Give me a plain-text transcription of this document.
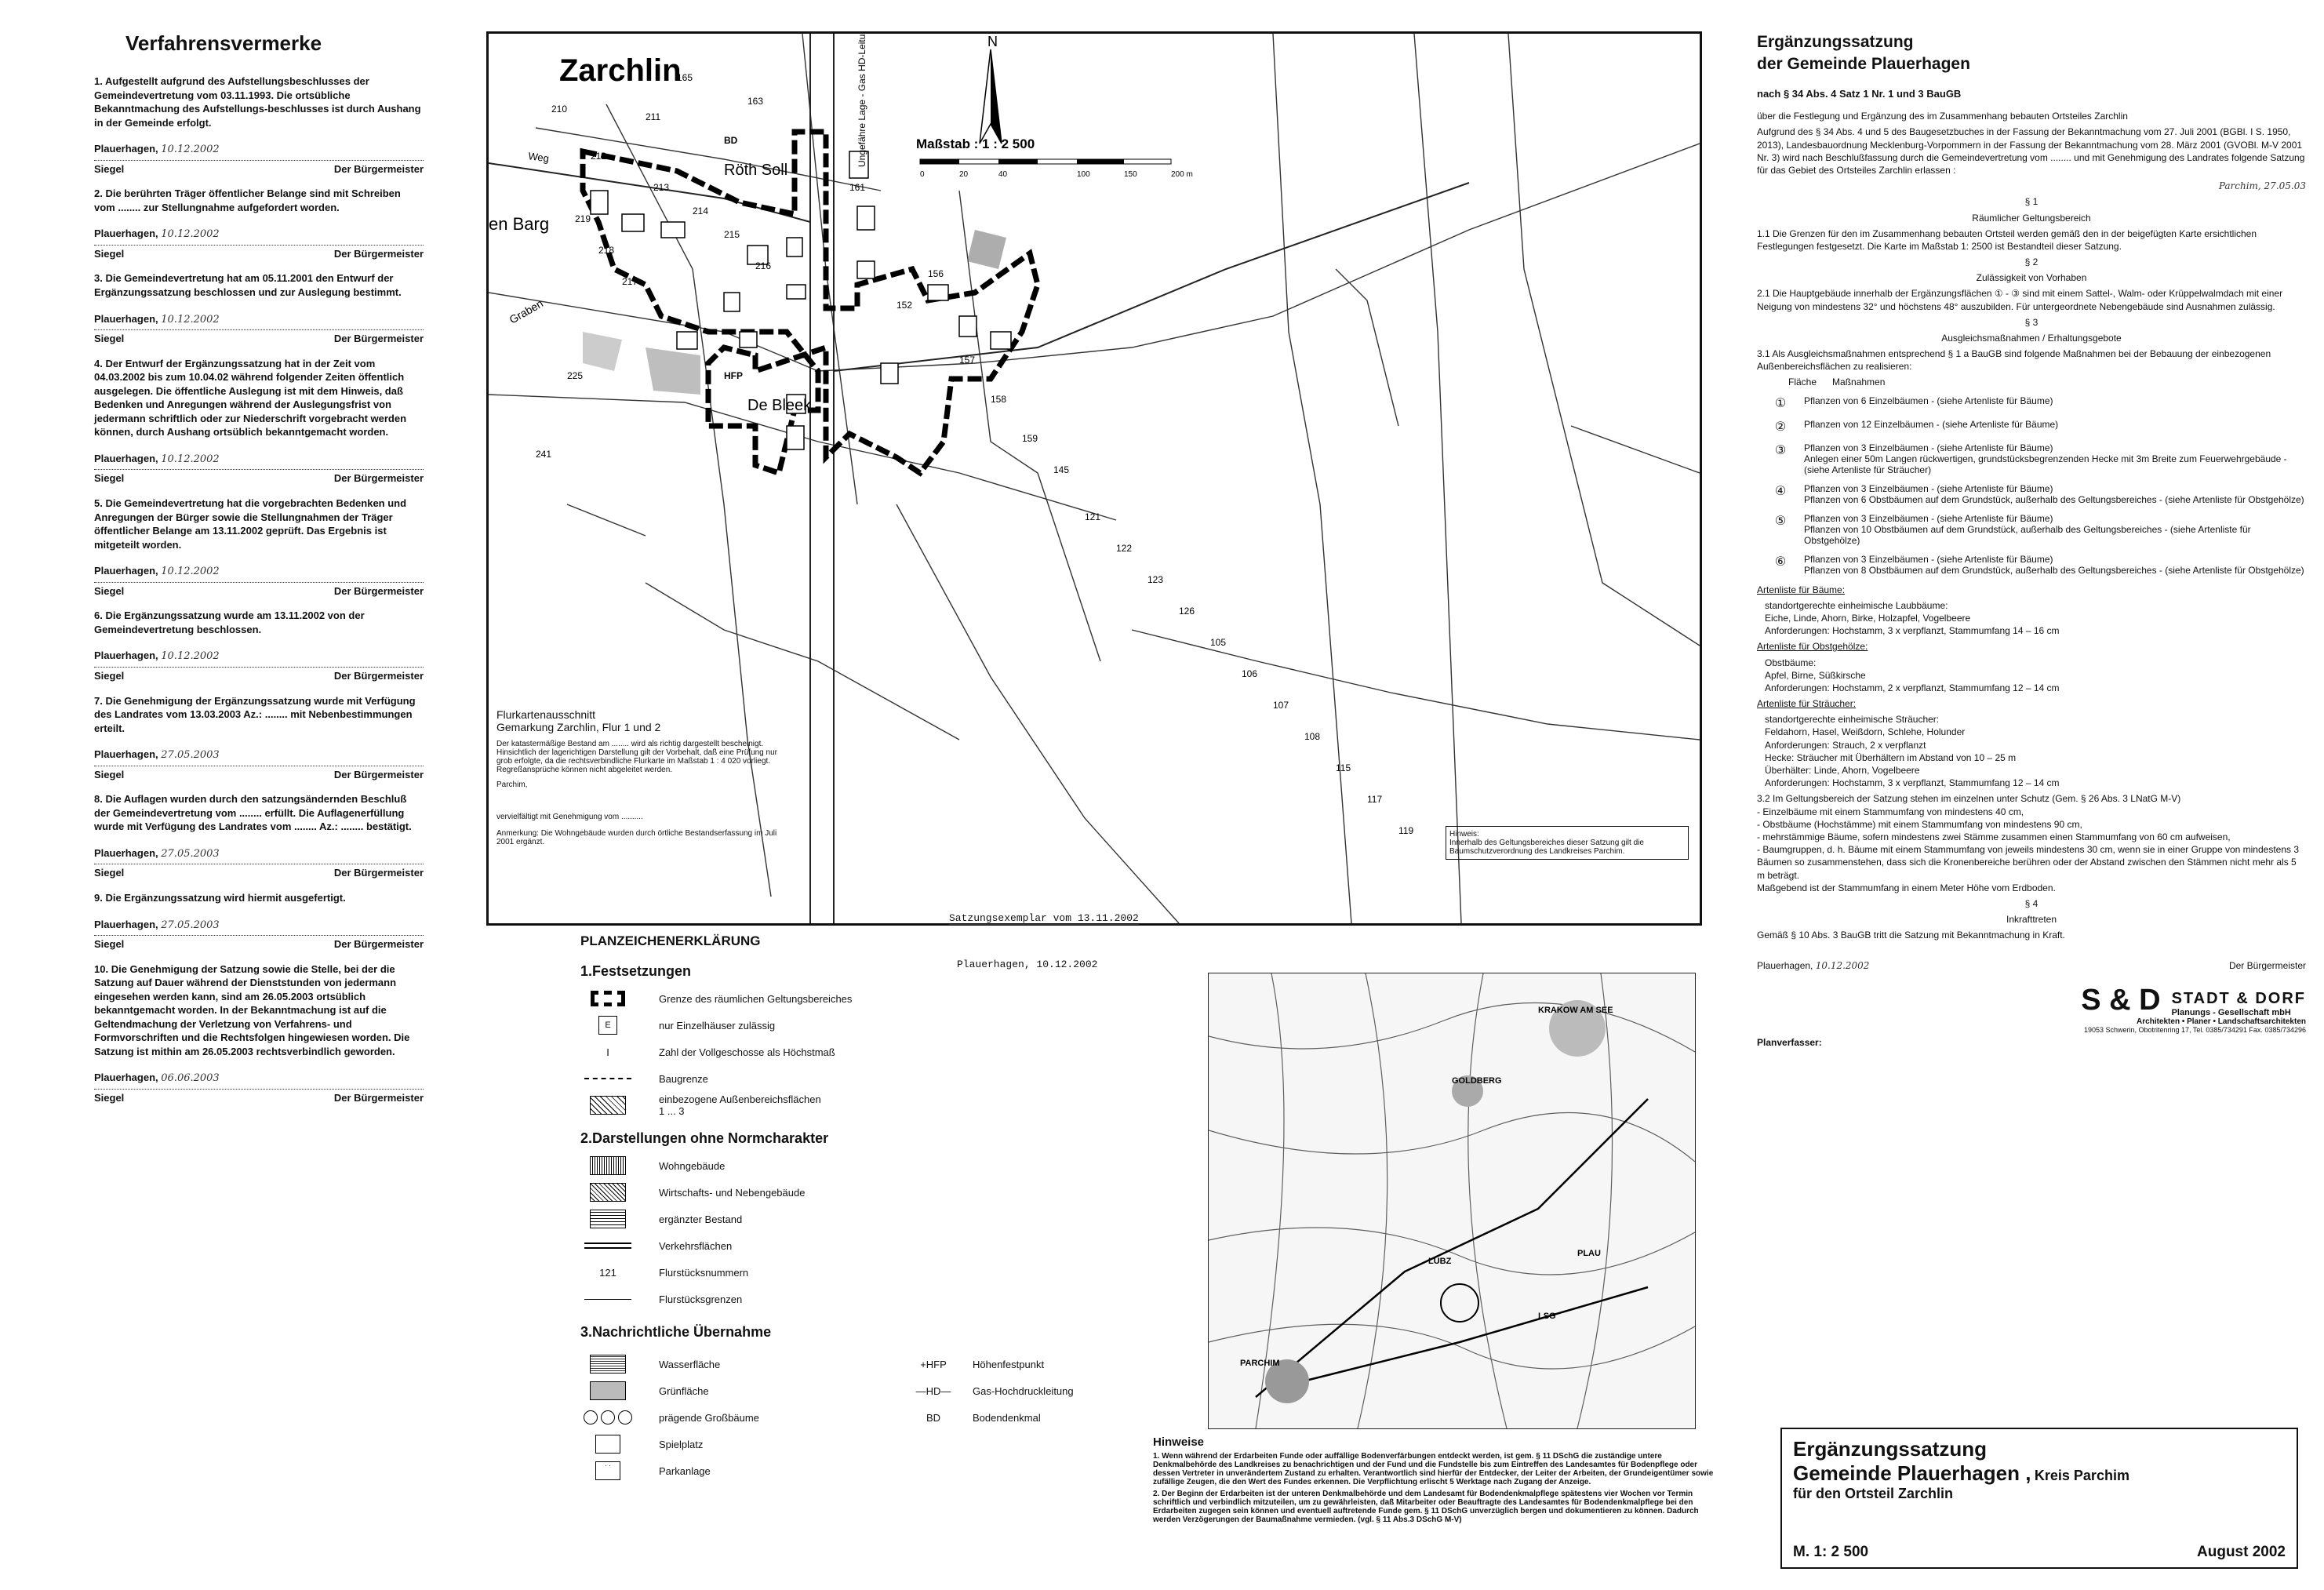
Verfahrensvermerke
1. Aufgestellt aufgrund des Aufstellungsbeschlusses der Gemeindevertretung vom 03.11.1993. Die ortsübliche Bekanntmachung des Aufstellungs-beschlusses ist durch Aushang in der Gemeinde erfolgt.
Plauerhagen, 10.12.2002
Siegel	Der Bürgermeister
2. Die berührten Träger öffentlicher Belange sind mit Schreiben vom ........ zur Stellungnahme aufgefordert worden.
Plauerhagen, 10.12.2002
Siegel	Der Bürgermeister
3. Die Gemeindevertretung hat am 05.11.2001 den Entwurf der Ergänzungssatzung beschlossen und zur Auslegung bestimmt.
Plauerhagen, 10.12.2002
Siegel	Der Bürgermeister
4. Der Entwurf der Ergänzungssatzung hat in der Zeit vom 04.03.2002 bis zum 10.04.02 während folgender Zeiten öffentlich ausgelegen. Die öffentliche Auslegung ist mit dem Hinweis, daß Bedenken und Anregungen während der Auslegungsfrist von jedermann schriftlich oder zur Niederschrift vorgebracht werden können, durch Aushang ortsüblich bekanntgemacht worden.
Plauerhagen, 10.12.2002
Siegel	Der Bürgermeister
5. Die Gemeindevertretung hat die vorgebrachten Bedenken und Anregungen der Bürger sowie die Stellungnahmen der Träger öffentlicher Belange am 13.11.2002 geprüft. Das Ergebnis ist mitgeteilt worden.
Plauerhagen, 10.12.2002
Siegel	Der Bürgermeister
6. Die Ergänzungssatzung wurde am 13.11.2002 von der Gemeindevertretung beschlossen.
Plauerhagen, 10.12.2002
Siegel	Der Bürgermeister
7. Die Genehmigung der Ergänzungssatzung wurde mit Verfügung des Landrates vom 13.03.2003 Az.: ........ mit Nebenbestimmungen erteilt.
Plauerhagen, 27.05.2003
Siegel	Der Bürgermeister
8. Die Auflagen wurden durch den satzungsändernden Beschluß der Gemeindevertretung vom ........ erfüllt. Die Auflagenerfüllung wurde mit Verfügung des Landrates vom ........ Az.: ........ bestätigt.
Plauerhagen, 27.05.2003
Siegel	Der Bürgermeister
9. Die Ergänzungssatzung wird hiermit ausgefertigt.
Plauerhagen, 27.05.2003
Siegel	Der Bürgermeister
10. Die Genehmigung der Satzung sowie die Stelle, bei der die Satzung auf Dauer während der Dienststunden von jedermann eingesehen werden kann, sind am 26.05.2003 ortsüblich bekanntgemacht worden. In der Bekanntmachung ist auf die Geltendmachung der Verletzung von Verfahrens- und Formvorschriften und die Rechtsfolgen hingewiesen worden. Die Satzung ist mithin am 26.05.2003 rechtsverbindlich geworden.
Plauerhagen, 06.06.2003
Siegel	Der Bürgermeister
Zarchlin
Röth Soll
en Barg
De Bleek
Graben
Ungefähre Lage - Gas HD-Leitung
Weg
HFP
BD
210
211
212
213
214
215
216
217
218
219
225
241
161
163
165
152
156
157
158
159
145
121
122
123
126
105
106
107
108
115
117
119
N
Maßstab : 1 : 2 500
0	20	40	100	150	200 m
Flurkartenausschnitt
Gemarkung Zarchlin, Flur 1 und 2
Der katastermäßige Bestand am ........ wird als richtig dargestellt bescheinigt. Hinsichtlich der lagerichtigen Darstellung gilt der Vorbehalt, daß eine Prüfung nur grob erfolgte, da die rechtsverbindliche Flurkarte im Maßstab 1 : 4 020 vorliegt. Regreßansprüche können nicht abgeleitet werden.
Parchim,
vervielfältigt mit Genehmigung vom ..........
Anmerkung: Die Wohngebäude wurden durch örtliche Bestandserfassung im Juli 2001 ergänzt.
Hinweis:
Innerhalb des Geltungsbereiches dieser Satzung gilt die Baumschutzverordnung des Landkreises Parchim.
Satzungsexemplar vom 13.11.2002
Plauerhagen, 10.12.2002
PLANZEICHENERKLÄRUNG
1.Festsetzungen
Grenze des räumlichen Geltungsbereiches
E	nur Einzelhäuser zulässig
I	Zahl der Vollgeschosse als Höchstmaß
Baugrenze
einbezogene Außenbereichsflächen
1 ... 3
2.Darstellungen ohne Normcharakter
Wohngebäude
Wirtschafts- und Nebengebäude
ergänzter Bestand
Verkehrsflächen
121	Flurstücksnummern
Flurstücksgrenzen
3.Nachrichtliche Übernahme
Wasserfläche
Grünfläche
prägende Großbäume
Spielplatz
· ·	Parkanlage
+HFP	Höhenfestpunkt
—HD—	Gas-Hochdruckleitung
BD	Bodendenkmal
KRAKOW AM SEE
GOLDBERG
LÜBZ
PARCHIM
PLAU
LSG
Hinweise

1. Wenn während der Erdarbeiten Funde oder auffällige Bodenverfärbungen entdeckt werden, ist gem. § 11 DSchG die zuständige untere Denkmalbehörde des Landkreises zu benachrichtigen und der Fund und die Fundstelle bis zum Eintreffen des Landesamtes für Bodenpflege oder dessen Vertreter in unverändertem Zustand zu erhalten. Verantwortlich sind hierfür der Entdecker, der Leiter der Arbeiten, der Grundeigentümer sowie zufällige Zeugen, die den Wert des Fundes erkennen. Die Verpflichtung erlischt 5 Werktage nach Zugang der Anzeige.

2. Der Beginn der Erdarbeiten ist der unteren Denkmalbehörde und dem Landesamt für Bodendenkmalpflege spätestens vier Wochen vor Termin schriftlich und verbindlich mitzuteilen, um zu gewährleisten, daß Mitarbeiter oder Beauftragte des Landesamtes für Bodendenkmalpflege bei den Erdarbeiten zugegen sein können und eventuell auftretende Funde gem. § 11 DSchG unverzüglich bergen und dokumentieren zu können. Dadurch werden Verzögerungen der Baumaßnahme vermieden. (vgl. § 11 Abs.3 DSchG M-V)

Ergänzungssatzung

der Gemeinde Plauerhagen

nach § 34 Abs. 4 Satz 1 Nr. 1 und 3 BauGB

über die Festlegung und Ergänzung des im Zusammenhang bebauten Ortsteiles Zarchlin

Aufgrund des § 34 Abs. 4 und 5 des Baugesetzbuches in der Fassung der Bekanntmachung vom 27. Juli 2001 (BGBl. I S. 1950, 2013), Landesbauordnung Mecklenburg-Vorpommern in der Fassung der Bekanntmachung vom 28. März 2001 (GVOBl. M-V 2001 Nr. 3) wird nach Beschlußfassung durch die Gemeindevertretung vom ........ und mit Genehmigung des Landrates folgende Satzung für das Gebiet des Ortsteiles Zarchlin erlassen :

Parchim, 27.05.03

§ 1

Räumlicher Geltungsbereich

1.1 Die Grenzen für den im Zusammenhang bebauten Ortsteil werden gemäß den in der beigefügten Karte ersichtlichen Festlegungen festgesetzt. Die Karte im Maßstab 1: 2500 ist Bestandteil dieser Satzung.

§ 2

Zulässigkeit von Vorhaben

2.1 Die Hauptgebäude innerhalb der Ergänzungsflächen ① - ③ sind mit einem Sattel-, Walm- oder Krüppelwalmdach mit einer Neigung von mindestens 32° und höchstens 48° auszubilden. Für untergeordnete Nebengebäude sind Ausnahmen zulässig.

§ 3

Ausgleichsmaßnahmen / Erhaltungsgebote

3.1 Als Ausgleichsmaßnahmen entsprechend § 1 a BauGB sind folgende Maßnahmen bei der Bebauung der einbezogenen Außenbereichsflächen zu realisieren:

Fläche Maßnahmen
①	Pflanzen von 6 Einzelbäumen - (siehe Artenliste für Bäume)
②	Pflanzen von 12 Einzelbäumen - (siehe Artenliste für Bäume)
③	Pflanzen von 3 Einzelbäumen - (siehe Artenliste für Bäume)
Anlegen einer 50m Langen rückwertigen, grundstücksbegrenzenden Hecke mit 3m Breite zum Feuerwehrgebäude - (siehe Artenliste für Sträucher)
④	Pflanzen von 3 Einzelbäumen - (siehe Artenliste für Bäume)
Pflanzen von 6 Obstbäumen auf dem Grundstück, außerhalb des Geltungsbereiches - (siehe Artenliste für Obstgehölze)
⑤	Pflanzen von 3 Einzelbäumen - (siehe Artenliste für Bäume)
Pflanzen von 10 Obstbäumen auf dem Grundstück, außerhalb des Geltungsbereiches - (siehe Artenliste für Obstgehölze)
⑥	Pflanzen von 3 Einzelbäumen - (siehe Artenliste für Bäume)
Pflanzen von 8 Obstbäumen auf dem Grundstück, außerhalb des Geltungsbereiches - (siehe Artenliste für Obstgehölze)

Artenliste für Bäume:

standortgerechte einheimische Laubbäume:
Eiche, Linde, Ahorn, Birke, Holzapfel, Vogelbeere
Anforderungen: Hochstamm, 3 x verpflanzt, Stammumfang 14 – 16 cm

Artenliste für Obstgehölze:

Obstbäume:
Apfel, Birne, Süßkirsche
Anforderungen: Hochstamm, 2 x verpflanzt, Stammumfang 12 – 14 cm

Artenliste für Sträucher:

standortgerechte einheimische Sträucher:
Feldahorn, Hasel, Weißdorn, Schlehe, Holunder
Anforderungen: Strauch, 2 x verpflanzt
Hecke: Sträucher mit Überhältern im Abstand von 10 – 25 m
Überhälter: Linde, Ahorn, Vogelbeere
Anforderungen: Hochstamm, 3 x verpflanzt, Stammumfang 12 – 14 cm

3.2 Im Geltungsbereich der Satzung stehen im einzelnen unter Schutz (Gem. § 26 Abs. 3 LNatG M-V)
- Einzelbäume mit einem Stammumfang von mindestens 40 cm,
- Obstbäume (Hochstämme) mit einem Stammumfang von mindestens 90 cm,
- mehrstämmige Bäume, sofern mindestens zwei Stämme zusammen einen Stammumfang von 60 cm aufweisen,
- Baumgruppen, d. h. Bäume mit einem Stammumfang von jeweils mindestens 30 cm, wenn sie in einer Gruppe von mindestens 3 Bäumen so zusammenstehen, dass sich die Kronenbereiche berühren oder der Abstand zwischen den Stämmen nicht mehr als 5 m beträgt.
Maßgebend ist der Stammumfang in einem Meter Höhe vom Erdboden.

§ 4

Inkrafttreten

Gemäß § 10 Abs. 3 BauGB tritt die Satzung mit Bekanntmachung in Kraft.

Plauerhagen, 10.12.2002	Der Bürgermeister
S & D STADT & DORF
Planungs - Gesellschaft mbH
Architekten • Planer • Landschaftsarchitekten
19053 Schwerin, Obotritenring 17, Tel. 0385/734291 Fax. 0385/734296
Planverfasser:
Ergänzungssatzung
Gemeinde Plauerhagen , Kreis Parchim
für den Ortsteil Zarchlin
M. 1: 2 500	August 2002
